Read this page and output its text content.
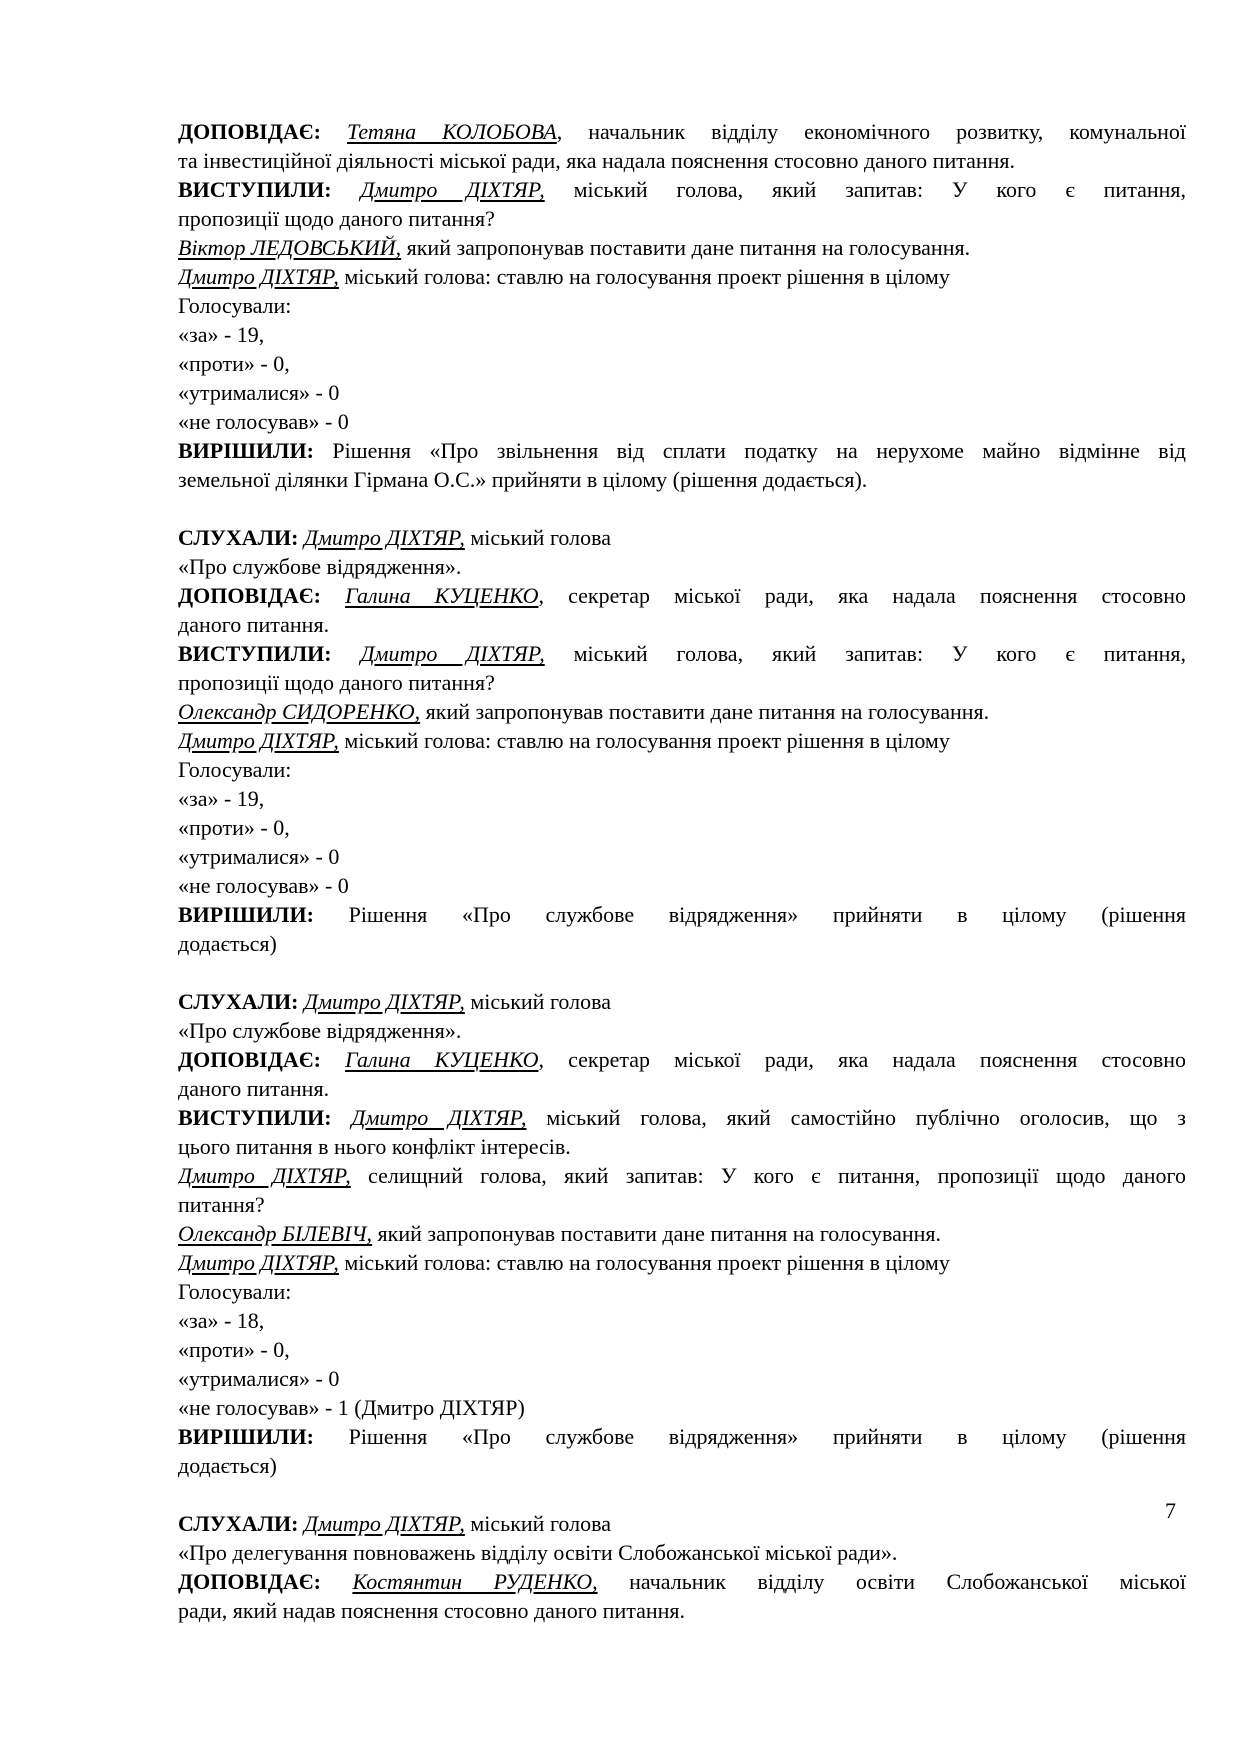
ДОПОВІДАЄ: Тетяна КОЛОБОВА, начальник відділу економічного розвитку, комунальної
та інвестиційної діяльності міської ради, яка надала пояснення стосовно даного питання.
ВИСТУПИЛИ: Дмитро ДІХТЯР, міський голова, який запитав: У кого є питання,
пропозиції щодо даного питання?
Віктор ЛЕДОВСЬКИЙ, який запропонував поставити дане питання на голосування.
Дмитро ДІХТЯР, міський голова: ставлю на голосування проект рішення в цілому
Голосували:
«за» - 19,
«проти» - 0,
«утрималися» - 0
«не голосував» - 0
ВИРІШИЛИ: Рішення «Про звільнення від сплати податку на нерухоме майно відмінне від
земельної ділянки Гірмана О.С.» прийняти в цілому (рішення додається).
СЛУХАЛИ: Дмитро ДІХТЯР, міський голова
«Про службове відрядження».
ДОПОВІДАЄ: Галина КУЦЕНКО, секретар міської ради, яка надала пояснення стосовно
даного питання.
ВИСТУПИЛИ: Дмитро ДІХТЯР, міський голова, який запитав: У кого є питання,
пропозиції щодо даного питання?
Олександр СИДОРЕНКО, який запропонував поставити дане питання на голосування.
Дмитро ДІХТЯР, міський голова: ставлю на голосування проект рішення в цілому
Голосували:
«за» - 19,
«проти» - 0,
«утрималися» - 0
«не голосував» - 0
ВИРІШИЛИ: Рішення «Про службове відрядження» прийняти в цілому (рішення
додається)
СЛУХАЛИ: Дмитро ДІХТЯР, міський голова
«Про службове відрядження».
ДОПОВІДАЄ: Галина КУЦЕНКО, секретар міської ради, яка надала пояснення стосовно
даного питання.
ВИСТУПИЛИ: Дмитро ДІХТЯР, міський голова, який самостійно публічно оголосив, що з
цього питання в нього конфлікт інтересів.
Дмитро ДІХТЯР, селищний голова, який запитав: У кого є питання, пропозиції щодо даного
питання?
Олександр БІЛЕВІЧ, який запропонував поставити дане питання на голосування.
Дмитро ДІХТЯР, міський голова: ставлю на голосування проект рішення в цілому
Голосували:
«за» - 18,
«проти» - 0,
«утрималися» - 0
«не голосував» - 1 (Дмитро ДІХТЯР)
ВИРІШИЛИ: Рішення «Про службове відрядження» прийняти в цілому (рішення
додається)
СЛУХАЛИ: Дмитро ДІХТЯР, міський голова
«Про делегування повноважень відділу освіти Слобожанської міської ради».
ДОПОВІДАЄ: Костянтин РУДЕНКО, начальник відділу освіти Слобожанської міської
ради, який надав пояснення стосовно даного питання.
7
